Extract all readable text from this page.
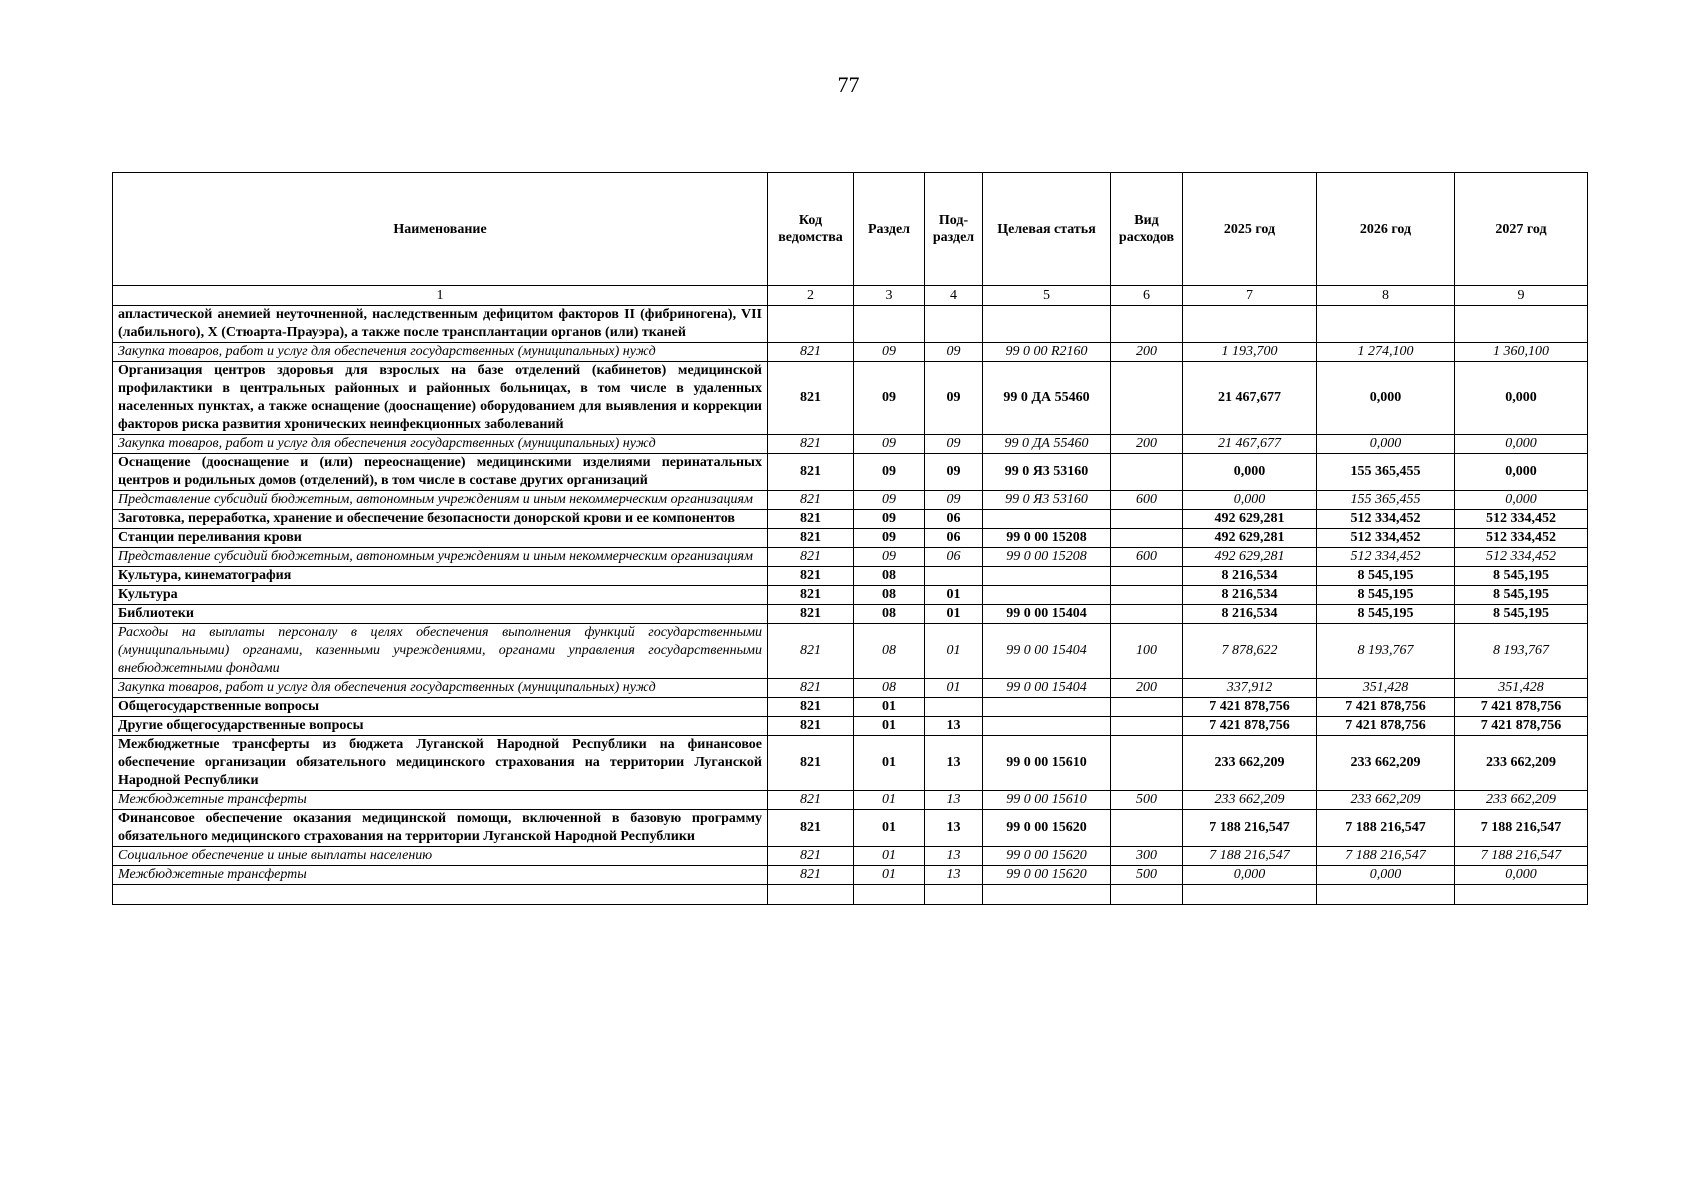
77
Наименование	Код ведомства	Раздел	Под-раздел	Целевая статья	Вид расходов	2025 год	2026 год	2027 год
1	2	3	4	5	6	7	8	9
апластической анемией неуточненной, наследственным дефицитом факторов II (фибриногена), VII (лабильного), X (Стюарта-Прауэра), а также после трансплантации органов (или) тканей								
Закупка товаров, работ и услуг для обеспечения государственных (муниципальных) нужд	821	09	09	99 0 00 R2160	200	1 193,700	1 274,100	1 360,100
Организация центров здоровья для взрослых на базе отделений (кабинетов) медицинской профилактики в центральных районных и районных больницах, в том числе в удаленных населенных пунктах, а также оснащение (дооснащение) оборудованием для выявления и коррекции факторов риска развития хронических неинфекционных заболеваний	821	09	09	99 0 ДА 55460		21 467,677	0,000	0,000
Закупка товаров, работ и услуг для обеспечения государственных (муниципальных) нужд	821	09	09	99 0 ДА 55460	200	21 467,677	0,000	0,000
Оснащение (дооснащение и (или) переоснащение) медицинскими изделиями перинатальных центров и родильных домов (отделений), в том числе в составе других организаций	821	09	09	99 0 Я3 53160		0,000	155 365,455	0,000
Представление субсидий бюджетным, автономным учреждениям и иным некоммерческим организациям	821	09	09	99 0 Я3 53160	600	0,000	155 365,455	0,000
Заготовка, переработка, хранение и обеспечение безопасности донорской крови и ее компонентов	821	09	06			492 629,281	512 334,452	512 334,452
Станции переливания крови	821	09	06	99 0 00 15208		492 629,281	512 334,452	512 334,452
Представление субсидий бюджетным, автономным учреждениям и иным некоммерческим организациям	821	09	06	99 0 00 15208	600	492 629,281	512 334,452	512 334,452
Культура, кинематография	821	08				8 216,534	8 545,195	8 545,195
Культура	821	08	01			8 216,534	8 545,195	8 545,195
Библиотеки	821	08	01	99 0 00 15404		8 216,534	8 545,195	8 545,195
Расходы на выплаты персоналу в целях обеспечения выполнения функций государственными (муниципальными) органами, казенными учреждениями, органами управления государственными внебюджетными фондами	821	08	01	99 0 00 15404	100	7 878,622	8 193,767	8 193,767
Закупка товаров, работ и услуг для обеспечения государственных (муниципальных) нужд	821	08	01	99 0 00 15404	200	337,912	351,428	351,428
Общегосударственные вопросы	821	01				7 421 878,756	7 421 878,756	7 421 878,756
Другие общегосударственные вопросы	821	01	13			7 421 878,756	7 421 878,756	7 421 878,756
Межбюджетные трансферты из бюджета Луганской Народной Республики на финансовое обеспечение организации обязательного медицинского страхования на территории Луганской Народной Республики	821	01	13	99 0 00 15610		233 662,209	233 662,209	233 662,209
Межбюджетные трансферты	821	01	13	99 0 00 15610	500	233 662,209	233 662,209	233 662,209
Финансовое обеспечение оказания медицинской помощи, включенной в базовую программу обязательного медицинского страхования на территории Луганской Народной Республики	821	01	13	99 0 00 15620		7 188 216,547	7 188 216,547	7 188 216,547
Социальное обеспечение и иные выплаты населению	821	01	13	99 0 00 15620	300	7 188 216,547	7 188 216,547	7 188 216,547
Межбюджетные трансферты	821	01	13	99 0 00 15620	500	0,000	0,000	0,000
